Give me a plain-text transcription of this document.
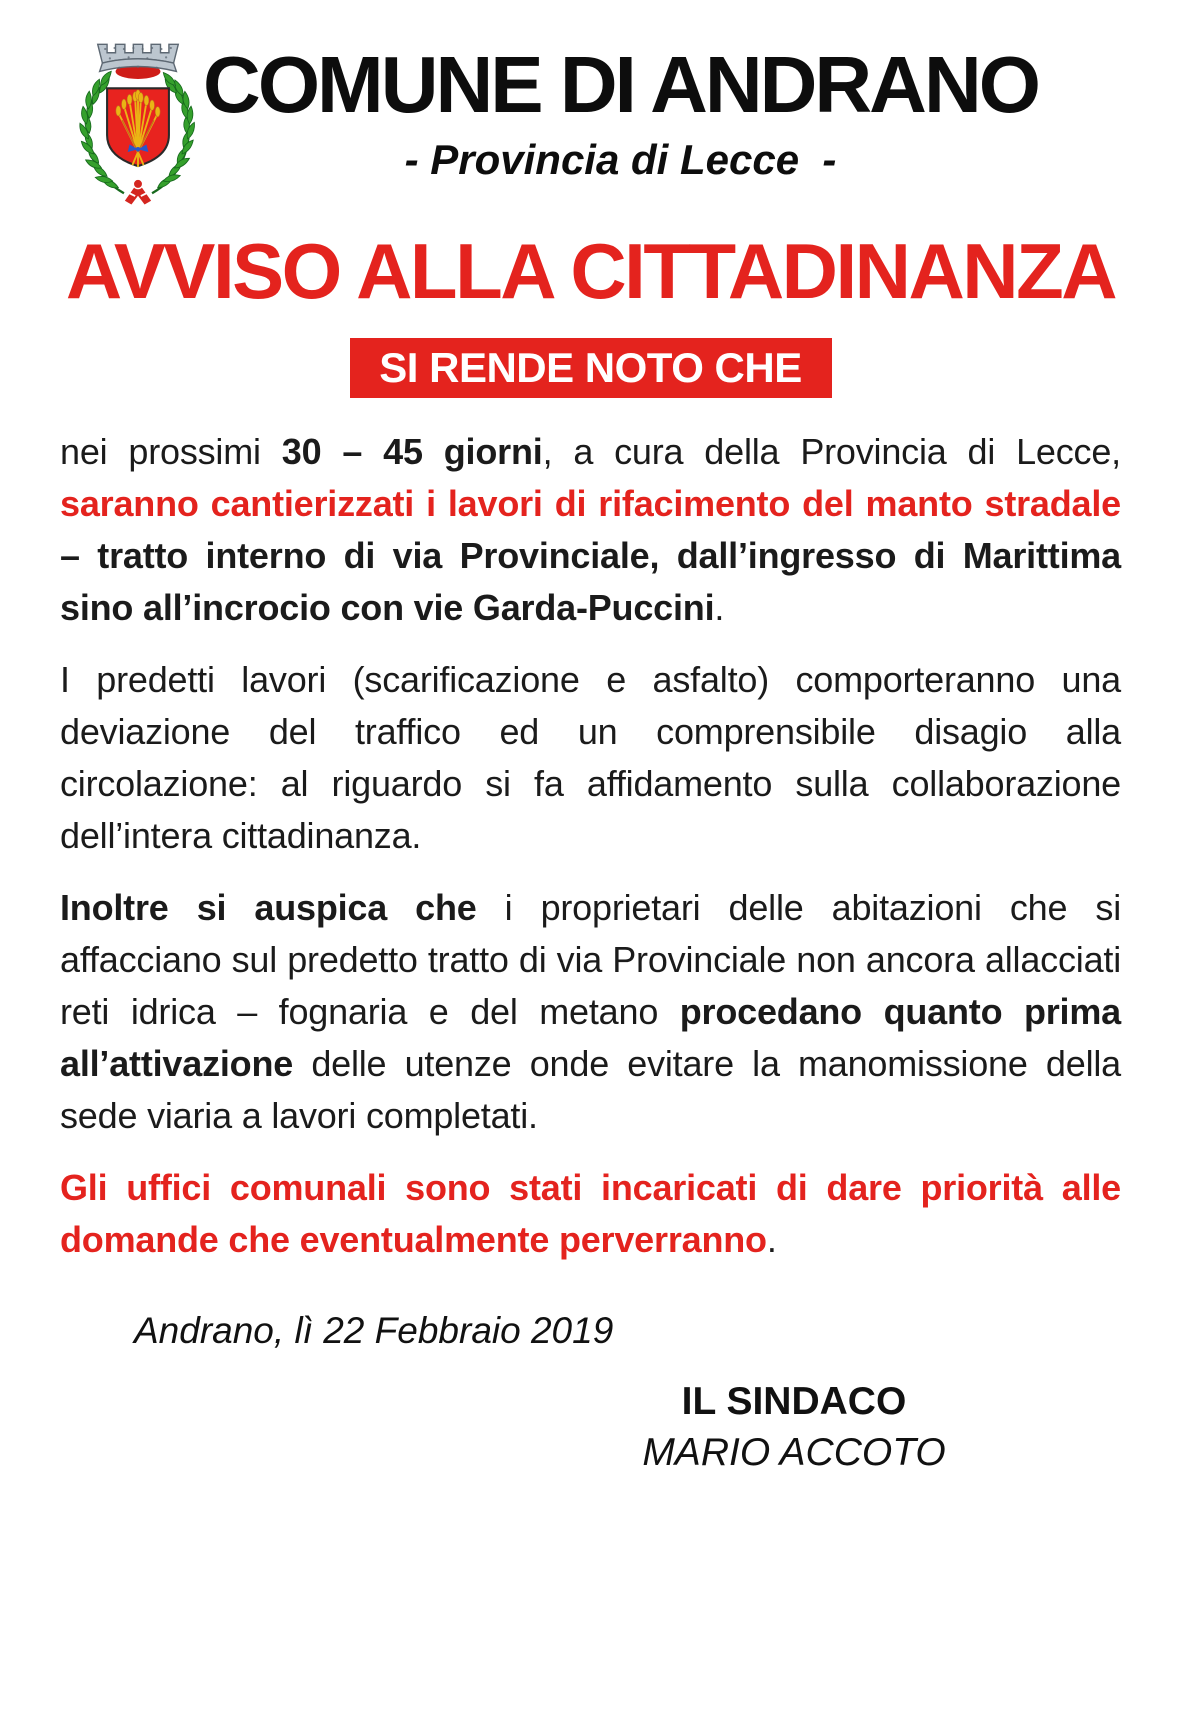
COMUNE DI ANDRANO
- Provincia di Lecce  -
AVVISO ALLA CITTADINANZA
SI RENDE NOTO CHE

nei prossimi 30 – 45 giorni, a cura della Provincia di Lecce, saranno cantierizzati i lavori di rifacimento del manto stradale – tratto interno di via Provinciale, dall’ingresso di Marittima sino all’incrocio con vie Garda-Puccini.

I predetti lavori (scarificazione e asfalto) comporteranno una deviazione del traffico ed un comprensibile disagio alla circolazione: al riguardo si fa affidamento sulla collaborazione dell’intera cittadinanza.

Inoltre si auspica che i proprietari delle abitazioni che si affacciano sul predetto tratto di via Provinciale non ancora allacciati reti idrica – fognaria e del metano procedano quanto prima all’attivazione delle utenze onde evitare la manomissione della sede viaria a lavori completati.

Gli uffici comunali sono stati incaricati di dare priorità alle domande che eventualmente perverranno.

Andrano, lì 22 Febbraio 2019
IL SINDACO
MARIO ACCOTO
